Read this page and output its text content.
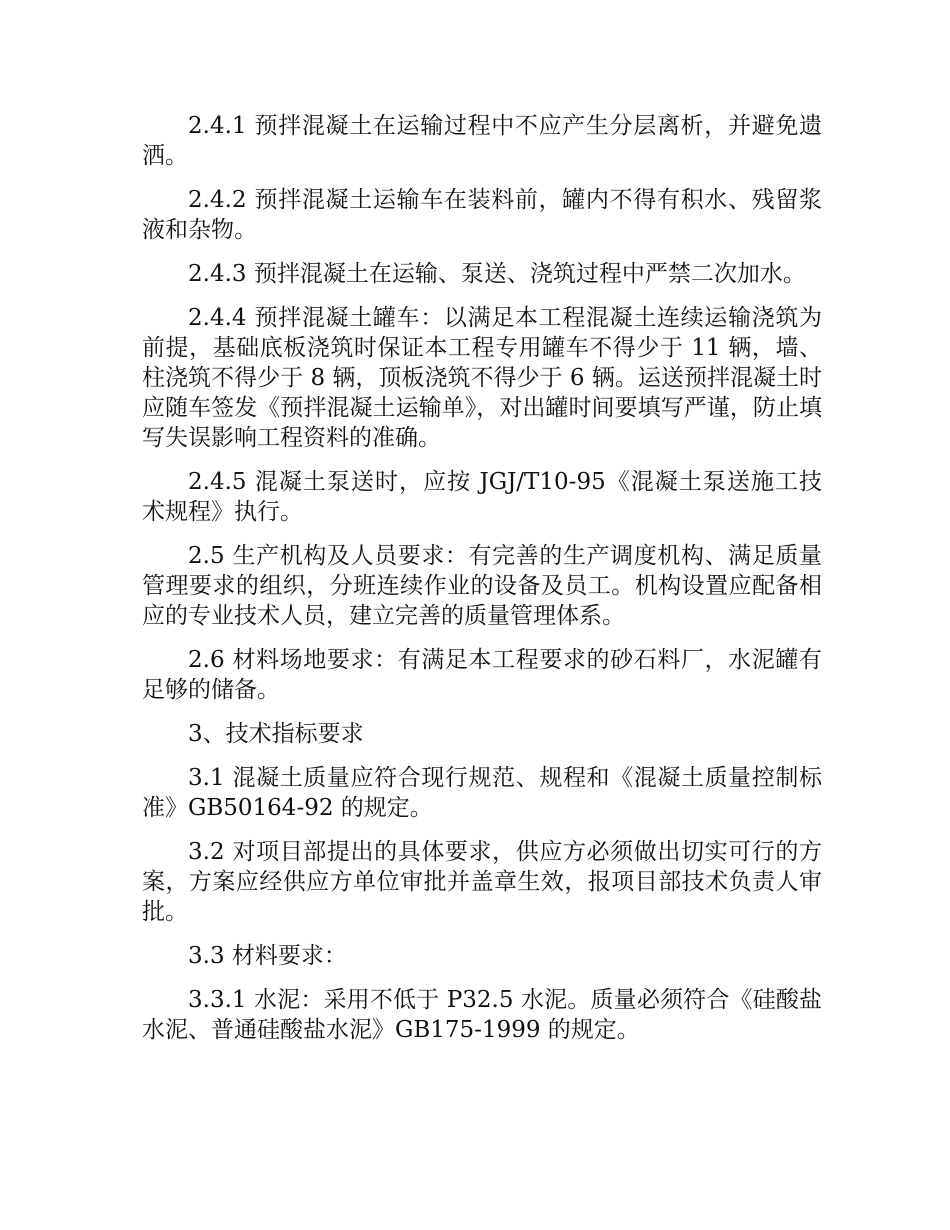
2.4.1 预拌混凝土在运输过程中不应产生分层离析，并避免遗洒。

2.4.2 预拌混凝土运输车在装料前，罐内不得有积水、残留浆液和杂物。

2.4.3 预拌混凝土在运输、泵送、浇筑过程中严禁二次加水。

2.4.4 预拌混凝土罐车：以满足本工程混凝土连续运输浇筑为前提，基础底板浇筑时保证本工程专用罐车不得少于 11 辆，墙、柱浇筑不得少于 8 辆，顶板浇筑不得少于 6 辆。运送预拌混凝土时应随车签发《预拌混凝土运输单》，对出罐时间要填写严谨，防止填写失误影响工程资料的准确。

2.4.5 混凝土泵送时，应按 JGJ/T10-95《混凝土泵送施工技术规程》执行。

2.5 生产机构及人员要求：有完善的生产调度机构、满足质量管理要求的组织，分班连续作业的设备及员工。机构设置应配备相应的专业技术人员，建立完善的质量管理体系。

2.6 材料场地要求：有满足本工程要求的砂石料厂，水泥罐有足够的储备。

3、技术指标要求

3.1 混凝土质量应符合现行规范、规程和《混凝土质量控制标准》GB50164-92 的规定。

3.2 对项目部提出的具体要求，供应方必须做出切实可行的方案，方案应经供应方单位审批并盖章生效，报项目部技术负责人审批。

3.3 材料要求：

3.3.1 水泥：采用不低于 P32.5 水泥。质量必须符合《硅酸盐水泥、普通硅酸盐水泥》GB175-1999 的规定。
